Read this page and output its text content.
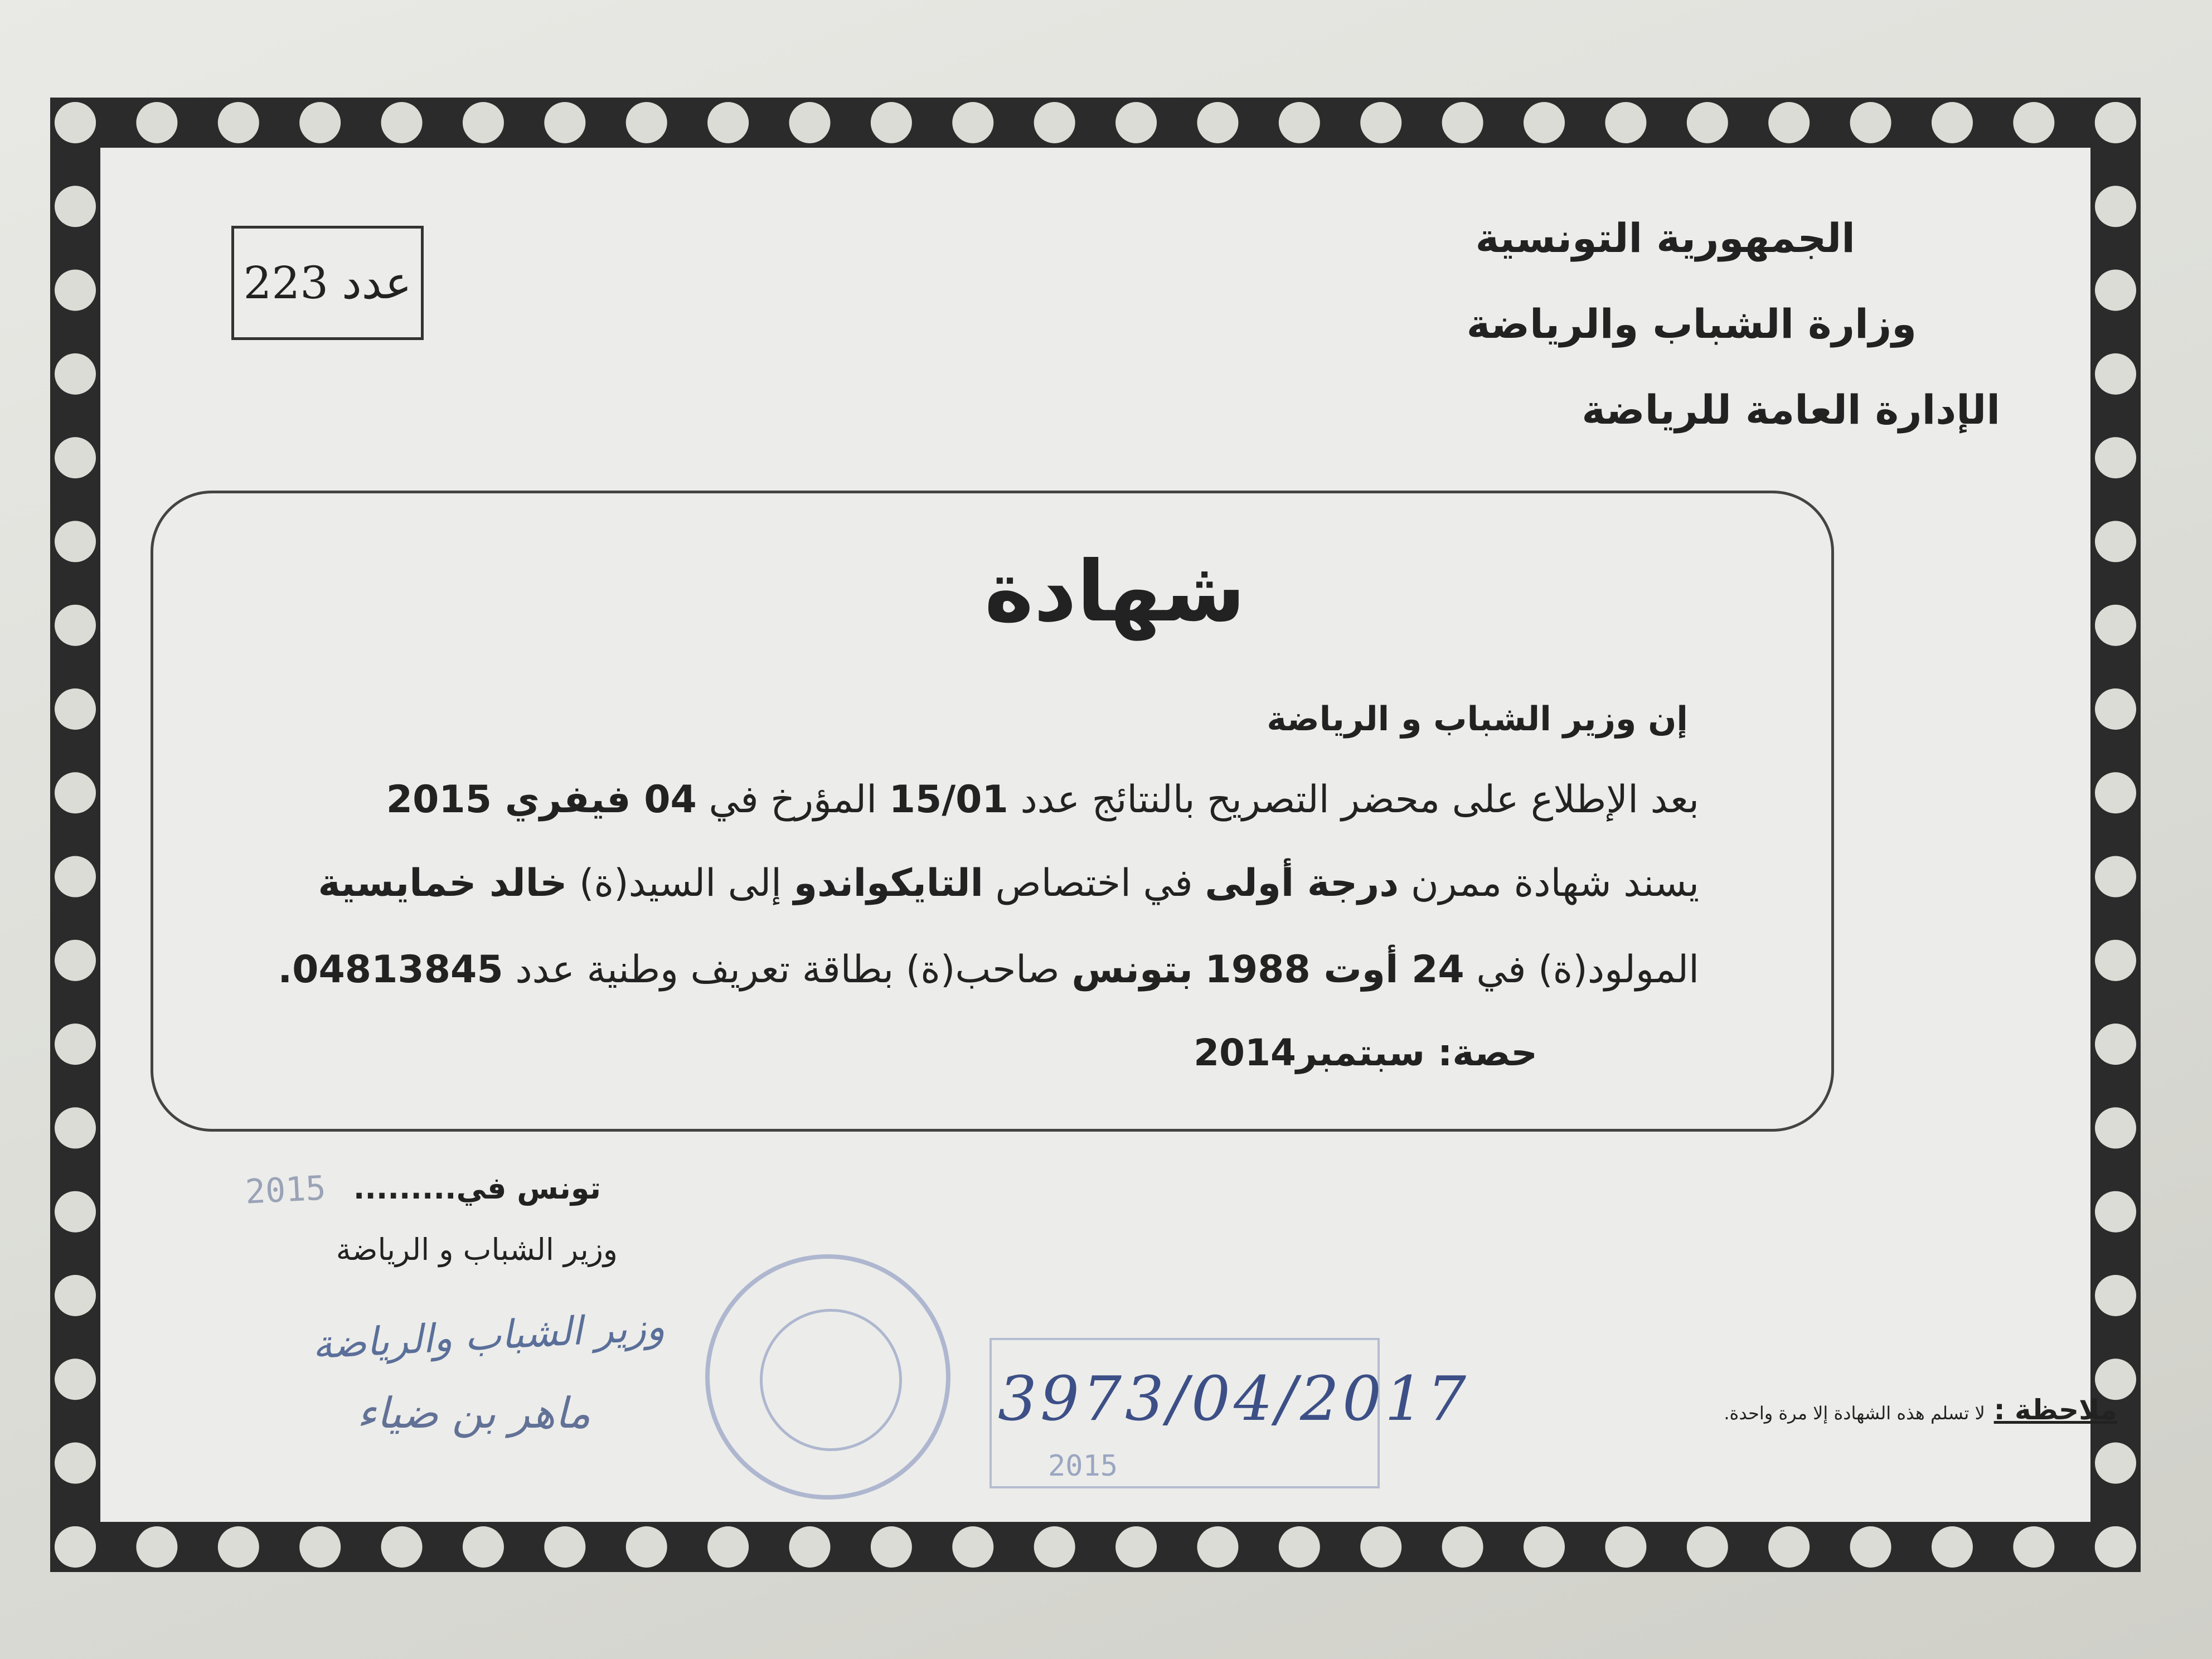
عدد
223
الجمهورية التونسية
وزارة الشباب والرياضة
الإدارة العامة للرياضة
شهادة
إن وزير الشباب و الرياضة
بعد الإطلاع على محضر التصريح بالنتائج عدد 15/01 المؤرخ في 04 فيفري 2015
يسند شهادة ممرن درجة أولى في اختصاص التايكواندو إلى السيد(ة) خالد خمايسية
المولود(ة) في 24 أوت 1988 بتونس صاحب(ة) بطاقة تعريف وطنية عدد 04813845.
حصة: سبتمبر2014
2015 تونس في.........
وزير الشباب و الرياضة
وزير الشباب والرياضة
ماهر بن ضياء	3973/04/2017
2015
ملاحظة : لا تسلم هذه الشهادة إلا مرة واحدة.
